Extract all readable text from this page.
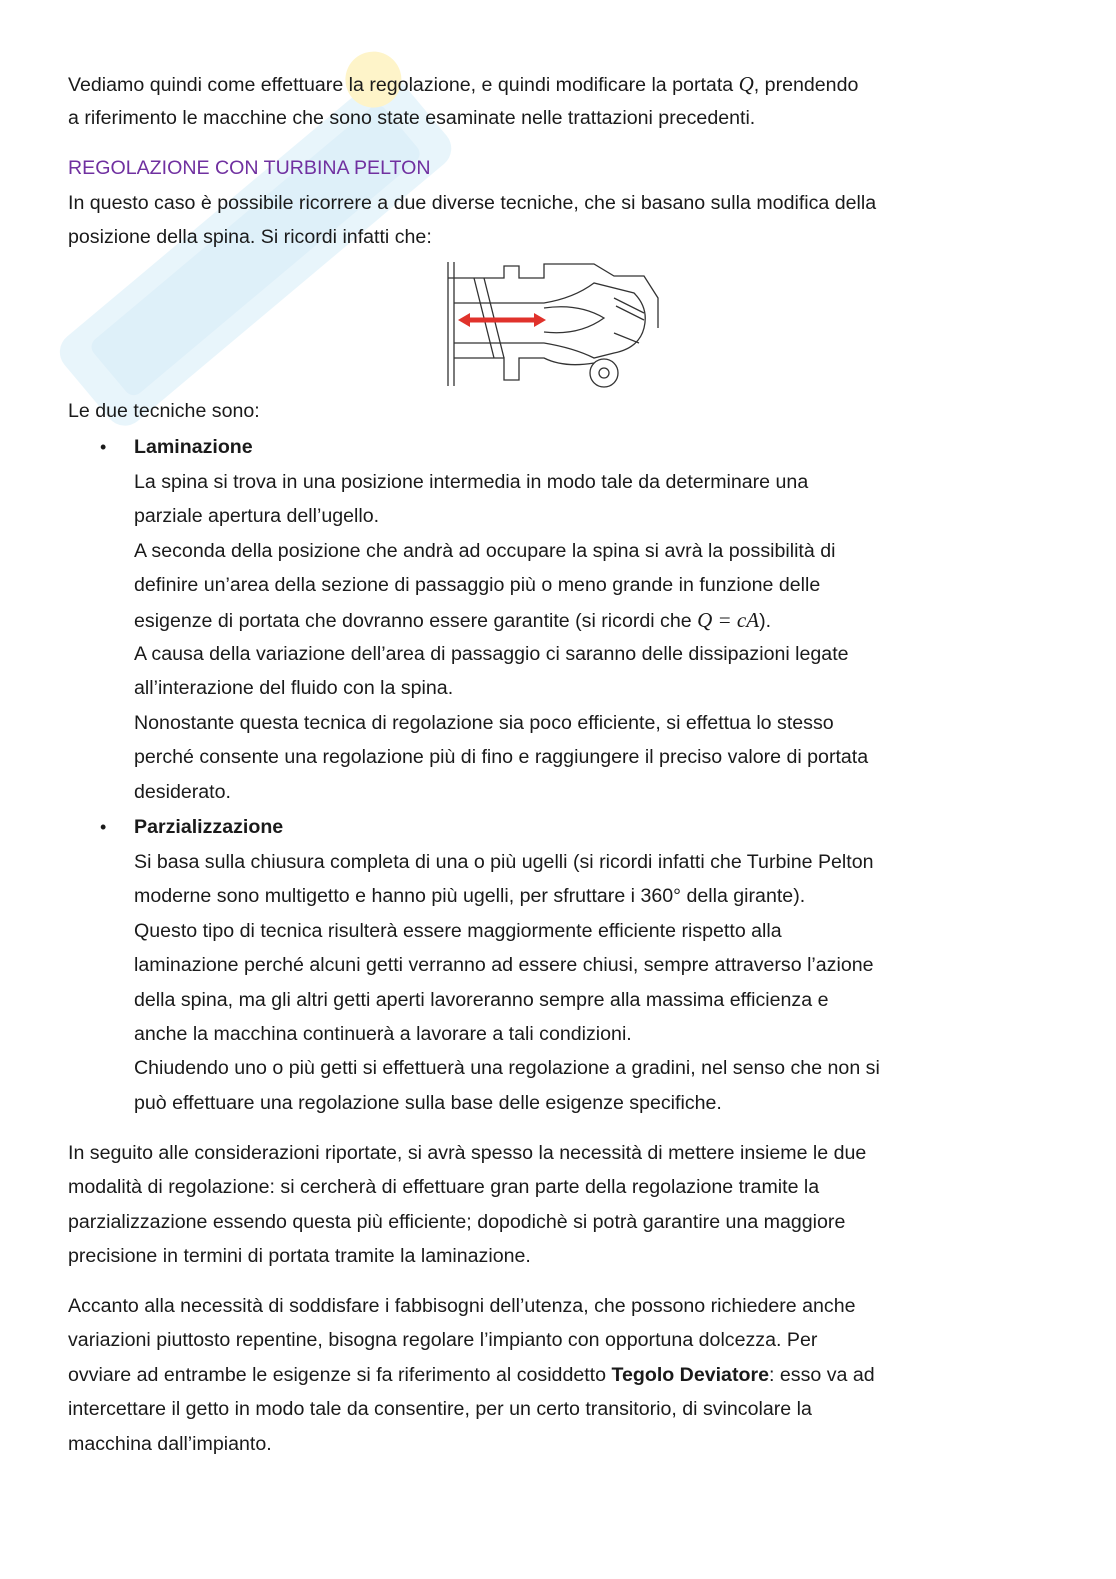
Vediamo quindi come effettuare la regolazione, e quindi modificare la portata Q, prendendo
a riferimento le macchine che sono state esaminate nelle trattazioni precedenti.
REGOLAZIONE CON TURBINA PELTON
In questo caso è possibile ricorrere a due diverse tecniche, che si basano sulla modifica della
posizione della spina. Si ricordi infatti che:
Le due tecniche sono:
•	Laminazione
La spina si trova in una posizione intermedia in modo tale da determinare una
parziale apertura dell’ugello.
A seconda della posizione che andrà ad occupare la spina si avrà la possibilità di
definire un’area della sezione di passaggio più o meno grande in funzione delle
esigenze di portata che dovranno essere garantite (si ricordi che Q = cA).
A causa della variazione dell’area di passaggio ci saranno delle dissipazioni legate
all’interazione del fluido con la spina.
Nonostante questa tecnica di regolazione sia poco efficiente, si effettua lo stesso
perché consente una regolazione più di fino e raggiungere il preciso valore di portata
desiderato.
•	Parzializzazione
Si basa sulla chiusura completa di una o più ugelli (si ricordi infatti che Turbine Pelton
moderne sono multigetto e hanno più ugelli, per sfruttare i 360° della girante).
Questo tipo di tecnica risulterà essere maggiormente efficiente rispetto alla
laminazione perché alcuni getti verranno ad essere chiusi, sempre attraverso l’azione
della spina, ma gli altri getti aperti lavoreranno sempre alla massima efficienza e
anche la macchina continuerà a lavorare a tali condizioni.
Chiudendo uno o più getti si effettuerà una regolazione a gradini, nel senso che non si
può effettuare una regolazione sulla base delle esigenze specifiche.
In seguito alle considerazioni riportate, si avrà spesso la necessità di mettere insieme le due
modalità di regolazione: si cercherà di effettuare gran parte della regolazione tramite la
parzializzazione essendo questa più efficiente; dopodichè si potrà garantire una maggiore
precisione in termini di portata tramite la laminazione.
Accanto alla necessità di soddisfare i fabbisogni dell’utenza, che possono richiedere anche
variazioni piuttosto repentine, bisogna regolare l’impianto con opportuna dolcezza. Per
ovviare ad entrambe le esigenze si fa riferimento al cosiddetto Tegolo Deviatore: esso va ad
intercettare il getto in modo tale da consentire, per un certo transitorio, di svincolare la
macchina dall’impianto.
